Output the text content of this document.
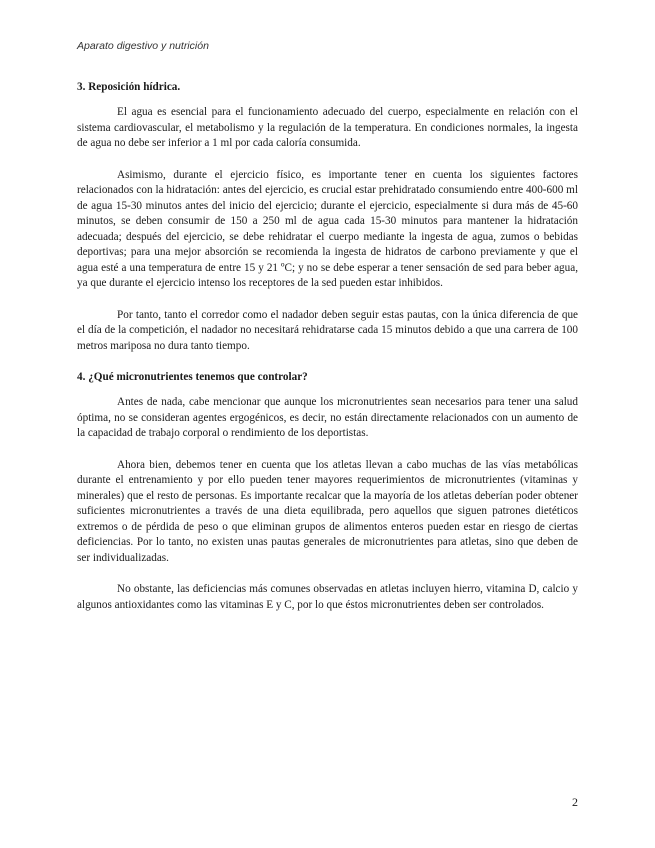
Aparato digestivo y nutrición
3. Reposición hídrica.

El agua es esencial para el funcionamiento adecuado del cuerpo, especialmente en relación con el sistema cardiovascular, el metabolismo y la regulación de la temperatura. En condiciones normales, la ingesta de agua no debe ser inferior a 1 ml por cada caloría consumida.

Asimismo, durante el ejercicio físico, es importante tener en cuenta los siguientes factores relacionados con la hidratación: antes del ejercicio, es crucial estar prehidratado consumiendo entre 400-600 ml de agua 15-30 minutos antes del inicio del ejercicio; durante el ejercicio, especialmente si dura más de 45-60 minutos, se deben consumir de 150 a 250 ml de agua cada 15-30 minutos para mantener la hidratación adecuada; después del ejercicio, se debe rehidratar el cuerpo mediante la ingesta de agua, zumos o bebidas deportivas; para una mejor absorción se recomienda la ingesta de hidratos de carbono previamente y que el agua esté a una temperatura de entre 15 y 21 ºC; y no se debe esperar a tener sensación de sed para beber agua, ya que durante el ejercicio intenso los receptores de la sed pueden estar inhibidos.

Por tanto, tanto el corredor como el nadador deben seguir estas pautas, con la única diferencia de que el día de la competición, el nadador no necesitará rehidratarse cada 15 minutos debido a que una carrera de 100 metros mariposa no dura tanto tiempo.

4. ¿Qué micronutrientes tenemos que controlar?

Antes de nada, cabe mencionar que aunque los micronutrientes sean necesarios para tener una salud óptima, no se consideran agentes ergogénicos, es decir, no están directamente relacionados con un aumento de la capacidad de trabajo corporal o rendimiento de los deportistas.

Ahora bien, debemos tener en cuenta que los atletas llevan a cabo muchas de las vías metabólicas durante el entrenamiento y por ello pueden tener mayores requerimientos de micronutrientes (vitaminas y minerales) que el resto de personas. Es importante recalcar que la mayoría de los atletas deberían poder obtener suficientes micronutrientes a través de una dieta equilibrada, pero aquellos que siguen patrones dietéticos extremos o de pérdida de peso o que eliminan grupos de alimentos enteros pueden estar en riesgo de ciertas deficiencias. Por lo tanto, no existen unas pautas generales de micronutrientes para atletas, sino que deben de ser individualizadas.

No obstante, las deficiencias más comunes observadas en atletas incluyen hierro, vitamina D, calcio y algunos antioxidantes como las vitaminas E y C, por lo que éstos micronutrientes deben ser controlados.

2
